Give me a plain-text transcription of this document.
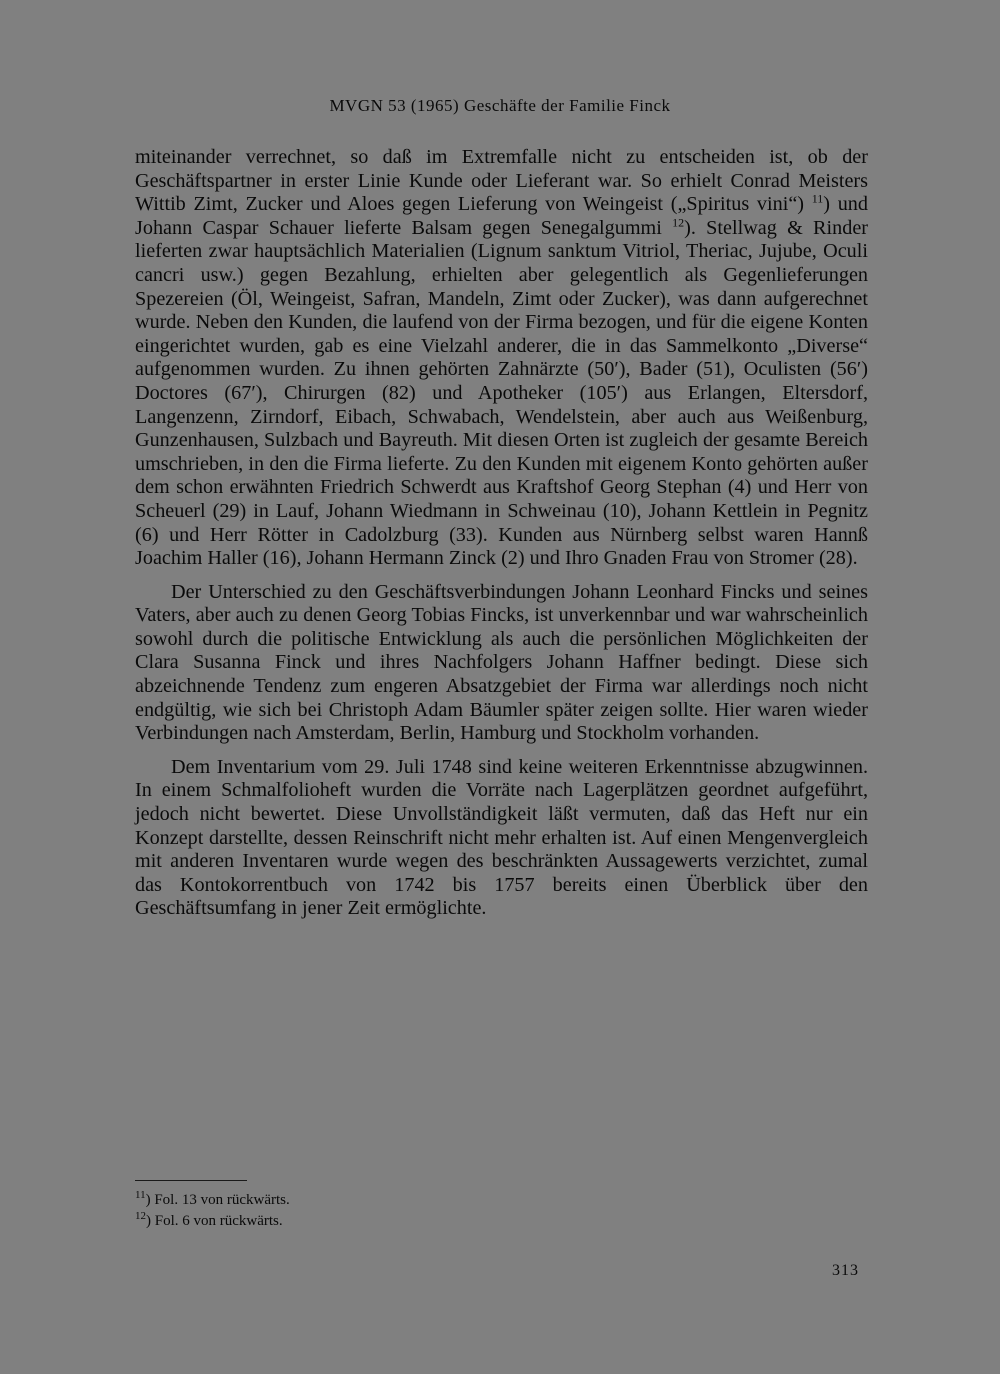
MVGN 53 (1965) Geschäfte der Familie Finck

miteinander verrechnet, so daß im Extremfalle nicht zu entscheiden ist, ob der Geschäftspartner in erster Linie Kunde oder Lieferant war. So erhielt Conrad Meisters Wittib Zimt, Zucker und Aloes gegen Lieferung von Weingeist („Spiritus vini“) $^{11}$) und Johann Caspar Schauer lieferte Balsam gegen Senegalgummi $^{12}$). Stellwag & Rinder lieferten zwar hauptsächlich Materialien (Lignum sanktum Vitriol, Theriac, Jujube, Oculi cancri usw.) gegen Bezahlung, erhielten aber gelegentlich als Gegenlieferungen Spezereien (Öl, Weingeist, Safran, Mandeln, Zimt oder Zucker), was dann aufgerechnet wurde. Neben den Kunden, die laufend von der Firma bezogen, und für die eigene Konten eingerichtet wurden, gab es eine Vielzahl anderer, die in das Sammelkonto „Diverse“ aufgenommen wurden. Zu ihnen gehörten Zahnärzte (50′), Bader (51), Oculisten (56′) Doctores (67′), Chirurgen (82) und Apotheker (105′) aus Erlangen, Eltersdorf, Langenzenn, Zirndorf, Eibach, Schwabach, Wendelstein, aber auch aus Weißenburg, Gunzenhausen, Sulzbach und Bayreuth. Mit diesen Orten ist zugleich der gesamte Bereich umschrieben, in den die Firma lieferte. Zu den Kunden mit eigenem Konto gehörten außer dem schon erwähnten Friedrich Schwerdt aus Kraftshof Georg Stephan (4) und Herr von Scheuerl (29) in Lauf, Johann Wiedmann in Schweinau (10), Johann Kettlein in Pegnitz (6) und Herr Rötter in Cadolzburg (33). Kunden aus Nürnberg selbst waren Hannß Joachim Haller (16), Johann Hermann Zinck (2) und Ihro Gnaden Frau von Stromer (28).

Der Unterschied zu den Geschäftsverbindungen Johann Leonhard Fincks und seines Vaters, aber auch zu denen Georg Tobias Fincks, ist unverkennbar und war wahrscheinlich sowohl durch die politische Entwicklung als auch die persönlichen Möglichkeiten der Clara Susanna Finck und ihres Nachfolgers Johann Haffner bedingt. Diese sich abzeichnende Tendenz zum engeren Absatzgebiet der Firma war allerdings noch nicht endgültig, wie sich bei Christoph Adam Bäumler später zeigen sollte. Hier waren wieder Verbindungen nach Amsterdam, Berlin, Hamburg und Stockholm vorhanden.

Dem Inventarium vom 29. Juli 1748 sind keine weiteren Erkenntnisse abzugwinnen. In einem Schmalfolioheft wurden die Vorräte nach Lagerplätzen geordnet aufgeführt, jedoch nicht bewertet. Diese Unvollständigkeit läßt vermuten, daß das Heft nur ein Konzept darstellte, dessen Reinschrift nicht mehr erhalten ist. Auf einen Mengenvergleich mit anderen Inventaren wurde wegen des beschränkten Aussagewerts verzichtet, zumal das Kontokorrentbuch von 1742 bis 1757 bereits einen Überblick über den Geschäftsumfang in jener Zeit ermöglichte.

$^{11}$) Fol. 13 von rückwärts.
$^{12}$) Fol. 6 von rückwärts.
313
